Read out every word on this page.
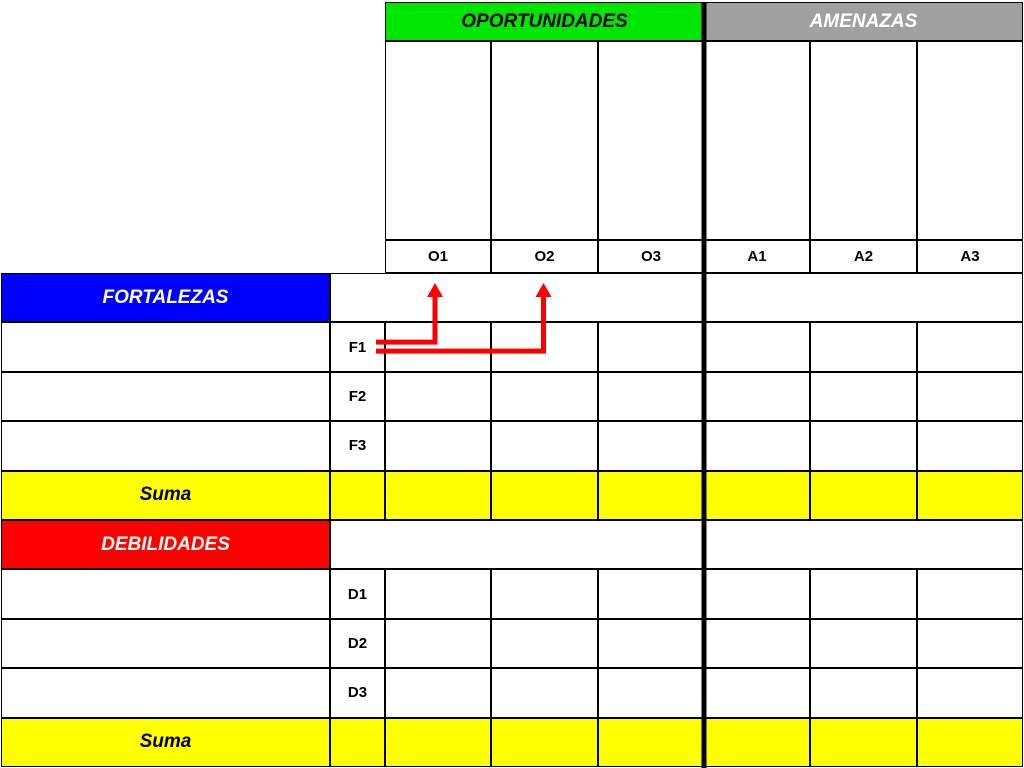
OPORTUNIDADES	AMENAZAS
O1	O2	O3	A1	A2	A3
FORTALEZAS
F1
F2
F3
Suma
DEBILIDADES
D1
D2
D3
Suma
